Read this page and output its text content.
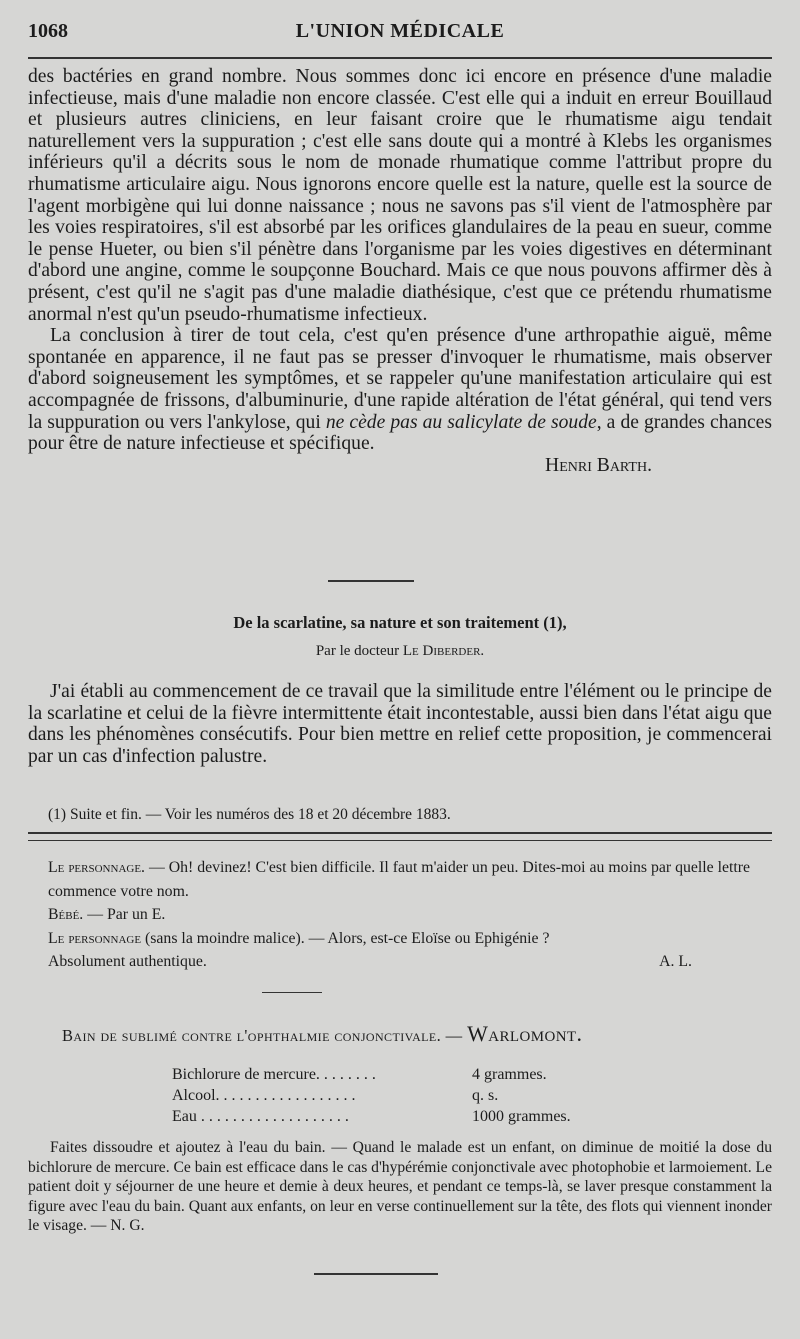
1068	L'UNION MÉDICALE

des bactéries en grand nombre. Nous sommes donc ici encore en présence d'une maladie infectieuse, mais d'une maladie non encore classée. C'est elle qui a induit en erreur Bouillaud et plusieurs autres cliniciens, en leur faisant croire que le rhumatisme aigu tendait naturellement vers la suppuration ; c'est elle sans doute qui a montré à Klebs les organismes inférieurs qu'il a décrits sous le nom de monade rhumatique comme l'attribut propre du rhumatisme articulaire aigu. Nous ignorons encore quelle est la nature, quelle est la source de l'agent morbigène qui lui donne naissance ; nous ne savons pas s'il vient de l'atmosphère par les voies respiratoires, s'il est absorbé par les orifices glandulaires de la peau en sueur, comme le pense Hueter, ou bien s'il pénètre dans l'organisme par les voies digestives en déterminant d'abord une angine, comme le soupçonne Bouchard. Mais ce que nous pouvons affirmer dès à présent, c'est qu'il ne s'agit pas d'une maladie diathésique, c'est que ce prétendu rhumatisme anormal n'est qu'un pseudo-rhumatisme infectieux.

La conclusion à tirer de tout cela, c'est qu'en présence d'une arthropathie aiguë, même spontanée en apparence, il ne faut pas se presser d'invoquer le rhumatisme, mais observer d'abord soigneusement les symptômes, et se rappeler qu'une manifestation articulaire qui est accompagnée de frissons, d'albuminurie, d'une rapide altération de l'état général, qui tend vers la suppuration ou vers l'ankylose, qui ne cède pas au salicylate de soude, a de grandes chances pour être de nature infectieuse et spécifique.

Henri Barth.

De la scarlatine, sa nature et son traitement (1),
Par le docteur Le Diberder.

J'ai établi au commencement de ce travail que la similitude entre l'élément ou le principe de la scarlatine et celui de la fièvre intermittente était incontestable, aussi bien dans l'état aigu que dans les phénomènes consécutifs. Pour bien mettre en relief cette proposition, je commencerai par un cas d'infection palustre.

(1) Suite et fin. — Voir les numéros des 18 et 20 décembre 1883.

Le personnage. — Oh! devinez! C'est bien difficile. Il faut m'aider un peu. Dites-moi au moins par quelle lettre commence votre nom.

Bébé. — Par un E.

Le personnage (sans la moindre malice). — Alors, est-ce Eloïse ou Ephigénie ?

Absolument authentique.	A. L.

Bain de sublimé contre l'ophthalmie conjonctivale. — Warlomont.
Bichlorure de mercure. . . . . . . .	4 grammes.
Alcool. . . . . . . . . . . . . . . . . .	q. s.
Eau . . . . . . . . . . . . . . . . . . .	1000 grammes.

Faites dissoudre et ajoutez à l'eau du bain. — Quand le malade est un enfant, on diminue de moitié la dose du bichlorure de mercure. Ce bain est efficace dans le cas d'hypérémie conjonctivale avec photophobie et larmoiement. Le patient doit y séjourner de une heure et demie à deux heures, et pendant ce temps-là, se laver presque constamment la figure avec l'eau du bain. Quant aux enfants, on leur en verse continuellement sur la tête, des flots qui viennent inonder le visage. — N. G.
